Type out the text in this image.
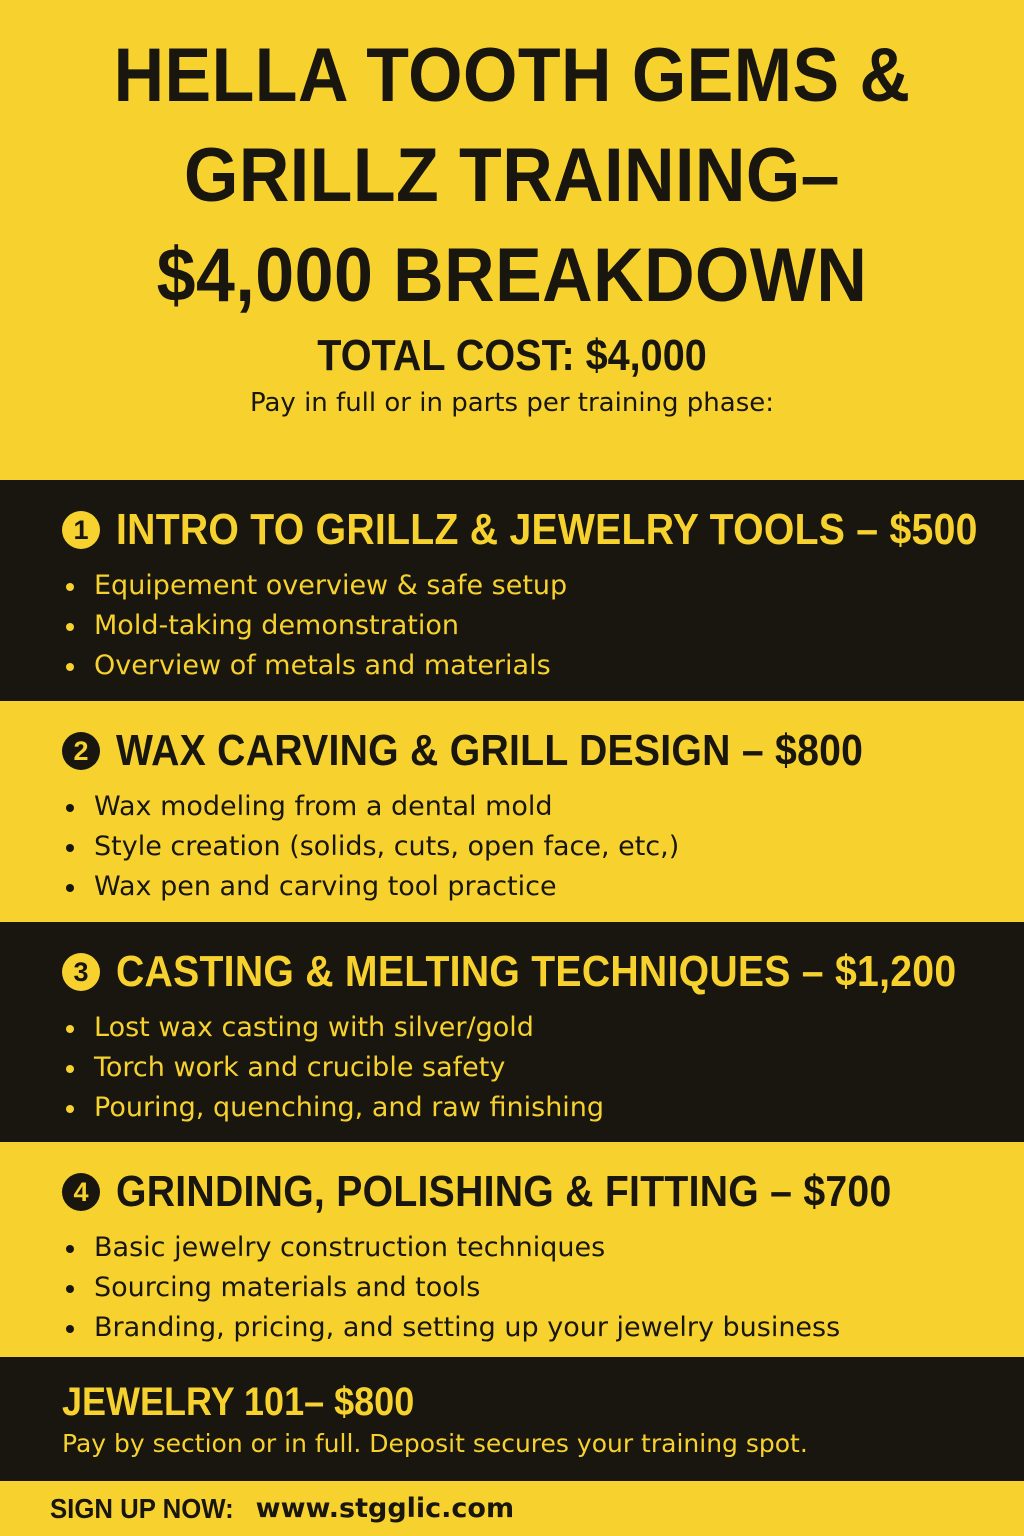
HELLA TOOTH GEMS &
GRILLZ TRAINING–
$4,000 BREAKDOWN
TOTAL COST: $4,000
Pay in full or in parts per training phase:
1 INTRO TO GRILLZ & JEWELRY TOOLS – $500
Equipement overview & safe setup
Mold-taking demonstration
Overview of metals and materials
2 WAX CARVING & GRILL DESIGN – $800
Wax modeling from a dental mold
Style creation (solids, cuts, open face, etc,)
Wax pen and carving tool practice
3 CASTING & MELTING TECHNIQUES – $1,200
Lost wax casting with silver/gold
Torch work and crucible safety
Pouring, quenching, and raw finishing
4 GRINDING, POLISHING & FITTING – $700
Basic jewelry construction techniques
Sourcing materials and tools
Branding, pricing, and setting up your jewelry business
JEWELRY 101– $800
Pay by section or in full. Deposit secures your training spot.
SIGN UP NOW: www.stgglic.com
